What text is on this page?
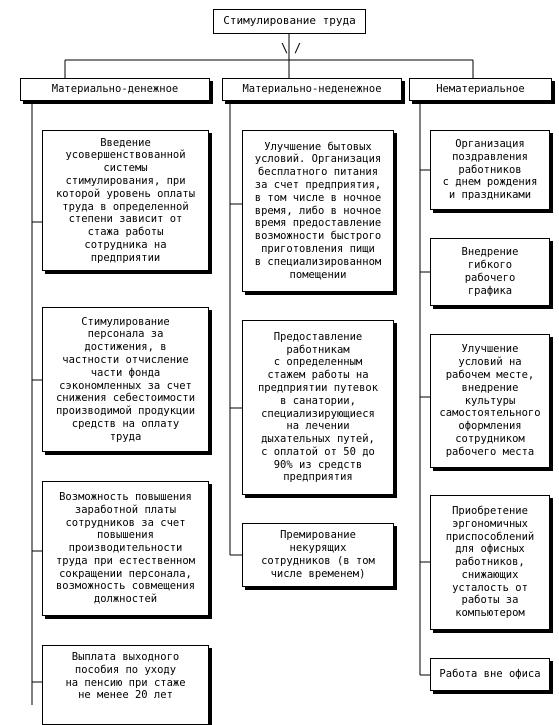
\ /
Стимулирование труда
Материально-денежное	Материально-неденежное	Нематериальное
Введение
усовершенствованной
системы
стимулирования, при
которой уровень оплаты
труда в определенной
степени зависит от
стажа работы
сотрудника на
предприятии
Стимулирование
персонала за
достижения, в
частности отчисление
части фонда
сэкономленных за счет
снижения себестоимости
производимой продукции
средств на оплату
труда
Возможность повышения
заработной платы
сотрудников за счет
повышения
производительности
труда при естественном
сокращении персонала,
возможность совмещения
должностей
Выплата выходного
пособия по уходу
на пенсию при стаже
не менее 20 лет
Улучшение бытовых
условий. Организация
бесплатного питания
за счет предприятия,
в том числе в ночное
время, либо в ночное
время предоставление
возможности быстрого
приготовления пищи
в специализированном
помещении
Предоставление
работникам
с определенным
стажем работы на
предприятии путевок
в санатории,
специализирующиеся
на лечении
дыхательных путей,
с оплатой от 50 до
90% из средств
предприятия
Премирование
некурящих
сотрудников (в том
числе временем)
Организация
поздравления
работников
с днем рождения
и праздниками
Внедрение
гибкого
рабочего
графика
Улучшение
условий на
рабочем месте,
внедрение
культуры
самостоятельного
оформления
сотрудником
рабочего места
Приобретение
эргономичных
приспособлений
для офисных
работников,
снижающих
усталость от
работы за
компьютером
Работа вне офиса
